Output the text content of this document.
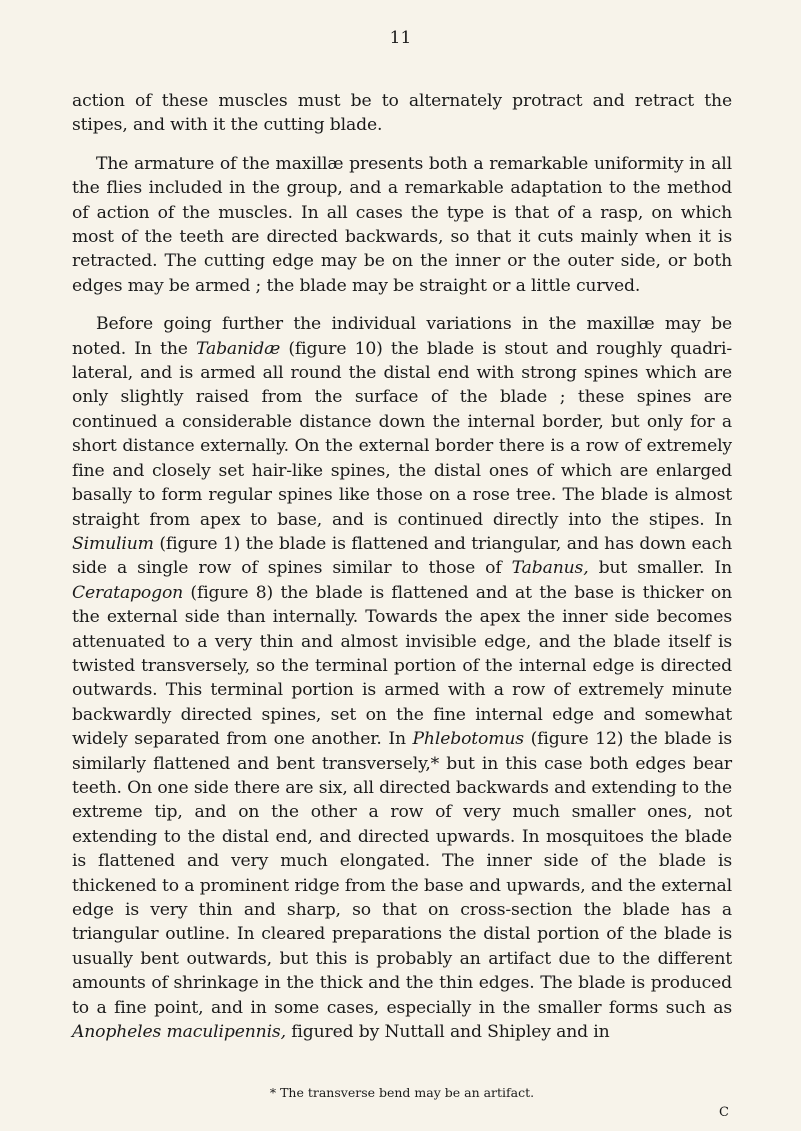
11

action of these muscles must be to alternately protract and retract the stipes, and with it the cutting blade.

The armature of the maxillæ presents both a remarkable uniformity in all the flies included in the group, and a remarkable adaptation to the method of action of the muscles. In all cases the type is that of a rasp, on which most of the teeth are directed backwards, so that it cuts mainly when it is retracted. The cutting edge may be on the inner or the outer side, or both edges may be armed ; the blade may be straight or a little curved.

Before going further the individual variations in the maxillæ may be noted. In the Tabanidæ (figure 10) the blade is stout and roughly quadri-lateral, and is armed all round the distal end with strong spines which are only slightly raised from the surface of the blade ; these spines are continued a considerable distance down the internal border, but only for a short distance externally. On the external border there is a row of extremely fine and closely set hair-like spines, the distal ones of which are enlarged basally to form regular spines like those on a rose tree. The blade is almost straight from apex to base, and is continued directly into the stipes. In Simulium (figure 1) the blade is flattened and triangular, and has down each side a single row of spines similar to those of Tabanus, but smaller. In Ceratapogon (figure 8) the blade is flattened and at the base is thicker on the external side than internally. Towards the apex the inner side becomes attenuated to a very thin and almost invisible edge, and the blade itself is twisted transversely, so the terminal portion of the internal edge is directed outwards. This terminal portion is armed with a row of extremely minute backwardly directed spines, set on the fine internal edge and somewhat widely separated from one another. In Phlebotomus (figure 12) the blade is similarly flattened and bent transversely,* but in this case both edges bear teeth. On one side there are six, all directed backwards and extending to the extreme tip, and on the other a row of very much smaller ones, not extending to the distal end, and directed upwards. In mosquitoes the blade is flattened and very much elongated. The inner side of the blade is thickened to a prominent ridge from the base and upwards, and the external edge is very thin and sharp, so that on cross-section the blade has a triangular outline. In cleared preparations the distal portion of the blade is usually bent outwards, but this is probably an artifact due to the different amounts of shrinkage in the thick and the thin edges. The blade is produced to a fine point, and in some cases, especially in the smaller forms such as Anopheles maculipennis, figured by Nuttall and Shipley and in

* The transverse bend may be an artifact.
C
